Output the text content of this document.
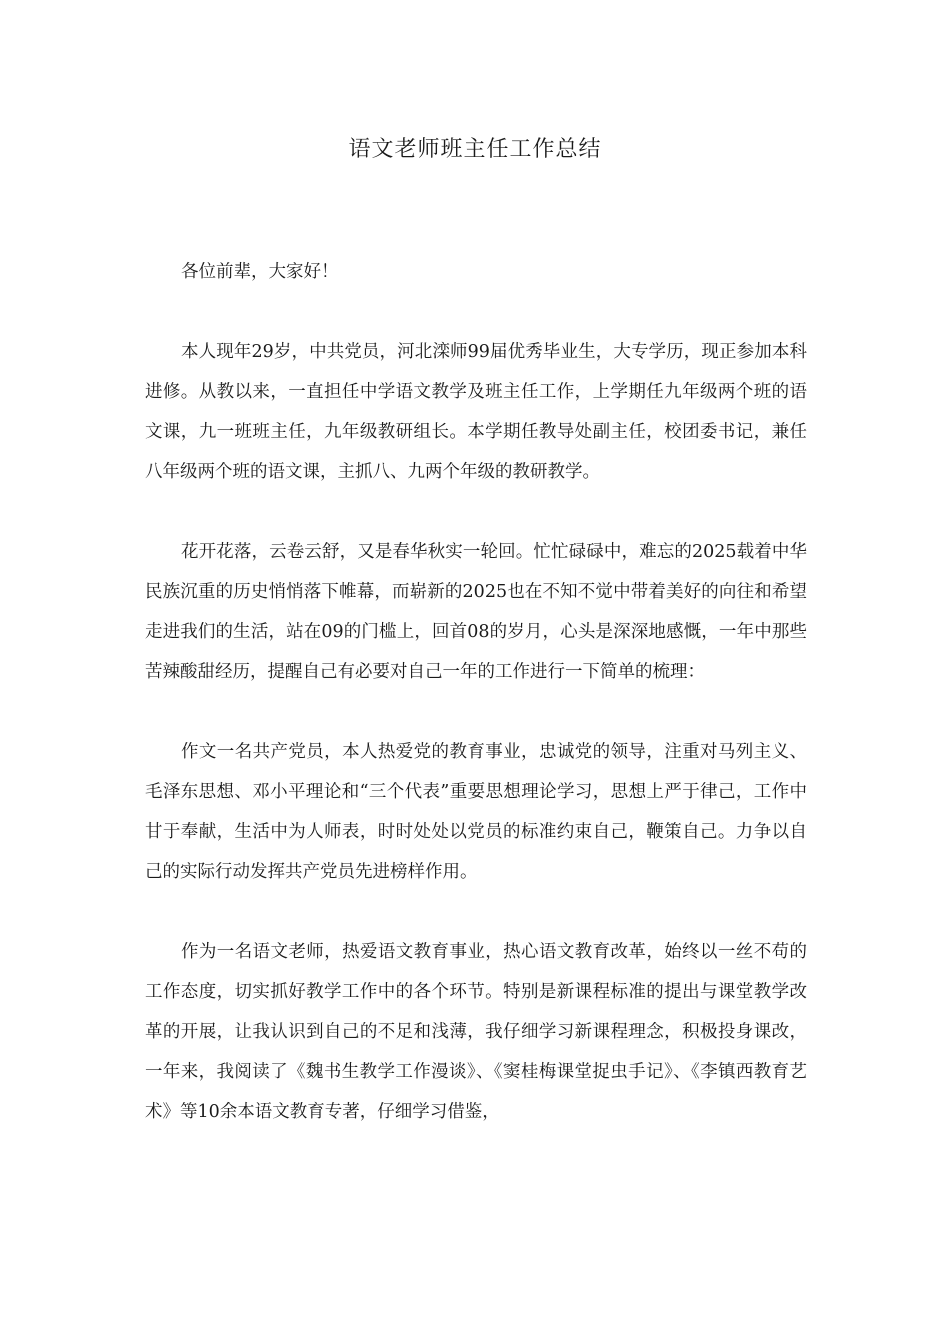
语文老师班主任工作总结

各位前辈，大家好！

本人现年29岁，中共党员，河北滦师99届优秀毕业生，大专学历，现正参加本科进修。从教以来，一直担任中学语文教学及班主任工作，上学期任九年级两个班的语文课，九一班班主任，九年级教研组长。本学期任教导处副主任，校团委书记，兼任八年级两个班的语文课，主抓八、九两个年级的教研教学。

花开花落，云卷云舒，又是春华秋实一轮回。忙忙碌碌中，难忘的2025载着中华民族沉重的历史悄悄落下帷幕，而崭新的2025也在不知不觉中带着美好的向往和希望走进我们的生活，站在09的门槛上，回首08的岁月，心头是深深地感慨，一年中那些苦辣酸甜经历，提醒自己有必要对自己一年的工作进行一下简单的梳理：

作文一名共产党员，本人热爱党的教育事业，忠诚党的领导，注重对马列主义、毛泽东思想、邓小平理论和“三个代表”重要思想理论学习，思想上严于律己，工作中甘于奉献，生活中为人师表，时时处处以党员的标准约束自己，鞭策自己。力争以自己的实际行动发挥共产党员先进榜样作用。

作为一名语文老师，热爱语文教育事业，热心语文教育改革，始终以一丝不苟的工作态度，切实抓好教学工作中的各个环节。特别是新课程标准的提出与课堂教学改革的开展，让我认识到自己的不足和浅薄，我仔细学习新课程理念，积极投身课改，一年来，我阅读了《魏书生教学工作漫谈》、《窦桂梅课堂捉虫手记》、《李镇西教育艺术》等10余本语文教育专著，仔细学习借鉴，
